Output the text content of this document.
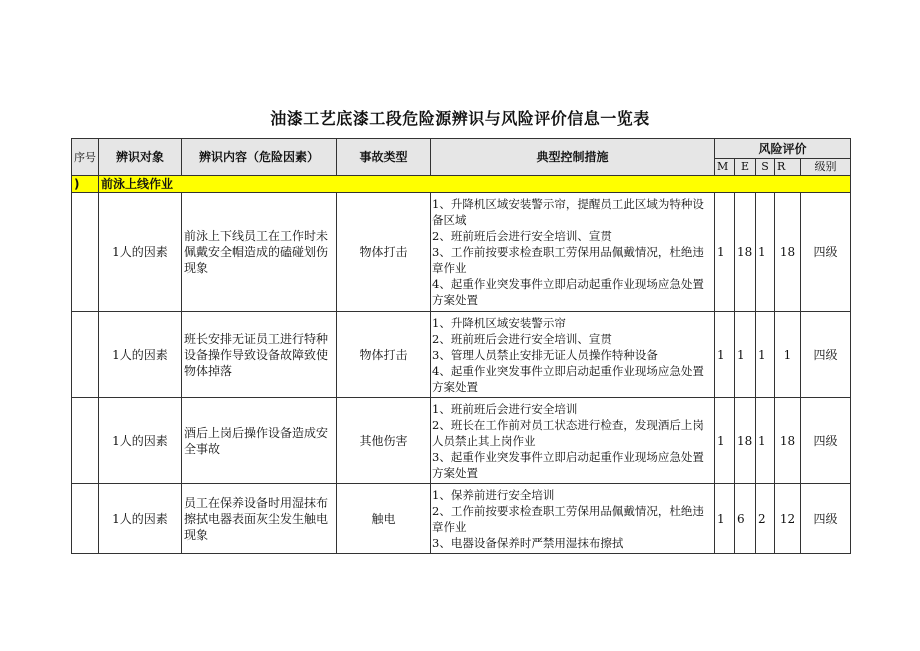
油漆工艺底漆工段危险源辨识与风险评价信息一览表
序号	辨识对象	辨识内容（危险因素）	事故类型	典型控制措施	风险评价				
					M	E	S	R	级别
)	前泳上线作业								
	1人的因素	前泳上下线员工在工作时未佩戴安全帽造成的磕碰划伤现象	物体打击	1、升降机区域安装警示帘，提醒员工此区域为特种设备区域
2、班前班后会进行安全培训、宣贯
3、工作前按要求检查职工劳保用品佩戴情况，杜绝违章作业
4、起重作业突发事件立即启动起重作业现场应急处置方案处置	1	18	1	18	四级
	1人的因素	班长安排无证员工进行特种设备操作导致设备故障致使物体掉落	物体打击	1、升降机区域安装警示帘
2、班前班后会进行安全培训、宣贯
3、管理人员禁止安排无证人员操作特种设备
4、起重作业突发事件立即启动起重作业现场应急处置方案处置	1	1	1	1	四级
	1人的因素	酒后上岗后操作设备造成安全事故	其他伤害	1、班前班后会进行安全培训
2、班长在工作前对员工状态进行检查，发现酒后上岗人员禁止其上岗作业
3、起重作业突发事件立即启动起重作业现场应急处置方案处置	1	18	1	18	四级
	1人的因素	员工在保养设备时用湿抹布擦拭电器表面灰尘发生触电现象	触电	1、保养前进行安全培训
2、工作前按要求检查职工劳保用品佩戴情况，杜绝违章作业
3、电器设备保养时严禁用湿抹布擦拭	1	6	2	12	四级
